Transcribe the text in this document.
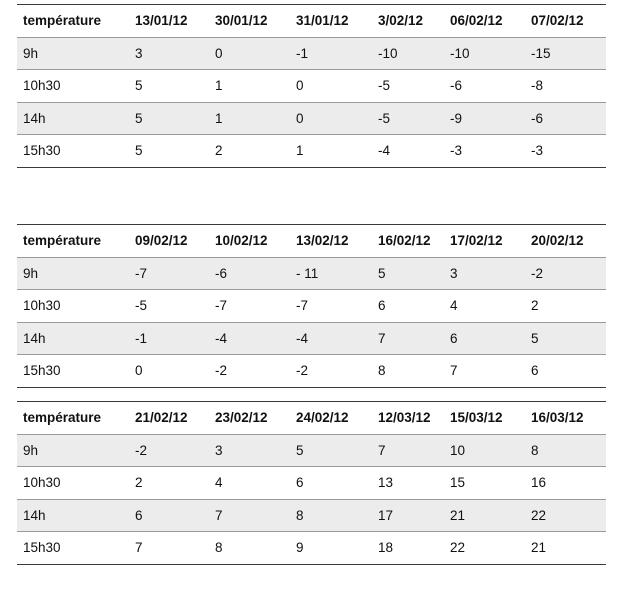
température	13/01/12	30/01/12	31/01/12	3/02/12	06/02/12	07/02/12
9h	3	0	-1	-10	-10	-15
10h30	5	1	0	-5	-6	-8
14h	5	1	0	-5	-9	-6
15h30	5	2	1	-4	-3	-3
température	09/02/12	10/02/12	13/02/12	16/02/12	17/02/12	20/02/12
9h	-7	-6	- 11	5	3	-2
10h30	-5	-7	-7	6	4	2
14h	-1	-4	-4	7	6	5
15h30	0	-2	-2	8	7	6
température	21/02/12	23/02/12	24/02/12	12/03/12	15/03/12	16/03/12
9h	-2	3	5	7	10	8
10h30	2	4	6	13	15	16
14h	6	7	8	17	21	22
15h30	7	8	9	18	22	21
